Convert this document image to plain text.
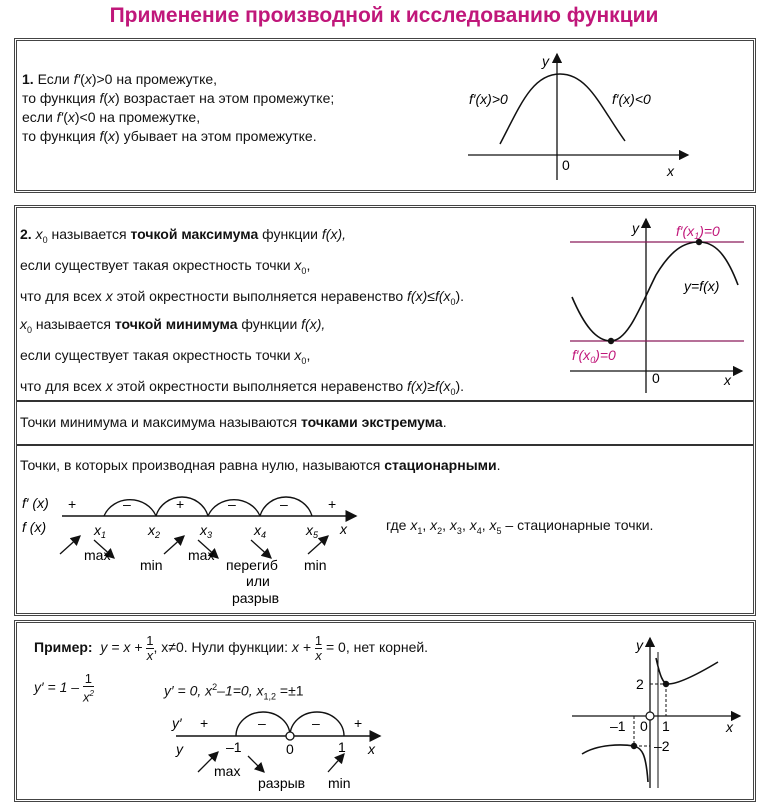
Применение производной к исследованию функции
1. Если f′(x)>0 на промежутке,
то функция f(x) возрастает на этом промежутке;
если f′(x)<0 на промежутке,
то функция f(x) убывает на этом промежутке.
y
x
0
f′(x)>0	f′(x)<0
2. $x_0$ называется точкой максимума функции f(x),
если существует такая окрестность точки $x_0$,
что для всех x этой окрестности выполняется неравенство $f(x)\le f(x_0)$.
$x_0$ называется точкой минимума функции f(x),
если существует такая окрестность точки $x_0$,
что для всех x этой окрестности выполняется неравенство $f(x)\ge f(x_0)$.
y
x
0
y=f(x)
$f'(x_1)=0$
$f'(x_0)=0$
Точки минимума и максимума называются точками экстремума.
Точки, в которых производная равна нулю, называются стационарными.
f′ (x)
f (x)	x
+	–	+	–	–	+
$x_1$	$x_2$	$x_3$	$x_4$	$x_5$
max
min
max
перегиб
или
разрыв
min
где $x_1$, $x_2$, $x_3$, $x_4$, $x_5$ – стационарные точки.
Пример: $y = x + \frac{1}{x}$ , x≠0. Нули функции: $x + \frac{1}{x} = 0$, нет корней.
$y' = 1 - \frac{1}{x^2}$	y′ = 0, $x^2-1=0$, $x_{1,2} =\pm 1$
y′
y	x
+	–	– +
–1	0	1
max
разрыв min
y
x
2
–1 0 1
–2
